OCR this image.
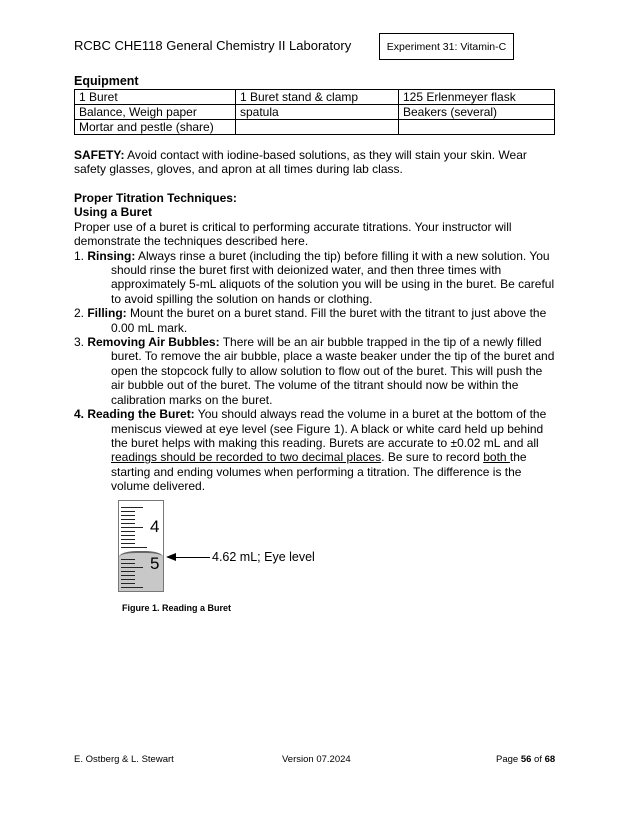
RCBC CHE118 General Chemistry II Laboratory	Experiment 31: Vitamin-C
Equipment
1 Buret	1 Buret stand & clamp	125 Erlenmeyer flask
Balance, Weigh paper	spatula	Beakers (several)
Mortar and pestle (share)		
SAFETY: Avoid contact with iodine-based solutions, as they will stain your skin. Wear safety glasses, gloves, and apron at all times during lab class.
Proper Titration Techniques:
Using a Buret
Proper use of a buret is critical to performing accurate titrations. Your instructor will demonstrate the techniques described here.
1. Rinsing: Always rinse a buret (including the tip) before filling it with a new solution. You should rinse the buret first with deionized water, and then three times with approximately 5-mL aliquots of the solution you will be using in the buret. Be careful to avoid spilling the solution on hands or clothing.
2. Filling: Mount the buret on a buret stand. Fill the buret with the titrant to just above the 0.00 mL mark.
3. Removing Air Bubbles: There will be an air bubble trapped in the tip of a newly filled buret. To remove the air bubble, place a waste beaker under the tip of the buret and open the stopcock fully to allow solution to flow out of the buret. This will push the air bubble out of the buret. The volume of the titrant should now be within the calibration marks on the buret.
4. Reading the Buret: You should always read the volume in a buret at the bottom of the meniscus viewed at eye level (see Figure 1). A black or white card held up behind the buret helps with making this reading. Burets are accurate to ±0.02 mL and all readings should be recorded to two decimal places. Be sure to record both the starting and ending volumes when performing a titration. The difference is the volume delivered.
4
5	4.62 mL; Eye level
Figure 1. Reading a Buret
E. Ostberg & L. Stewart	Version 07.2024	Page 56 of 68
